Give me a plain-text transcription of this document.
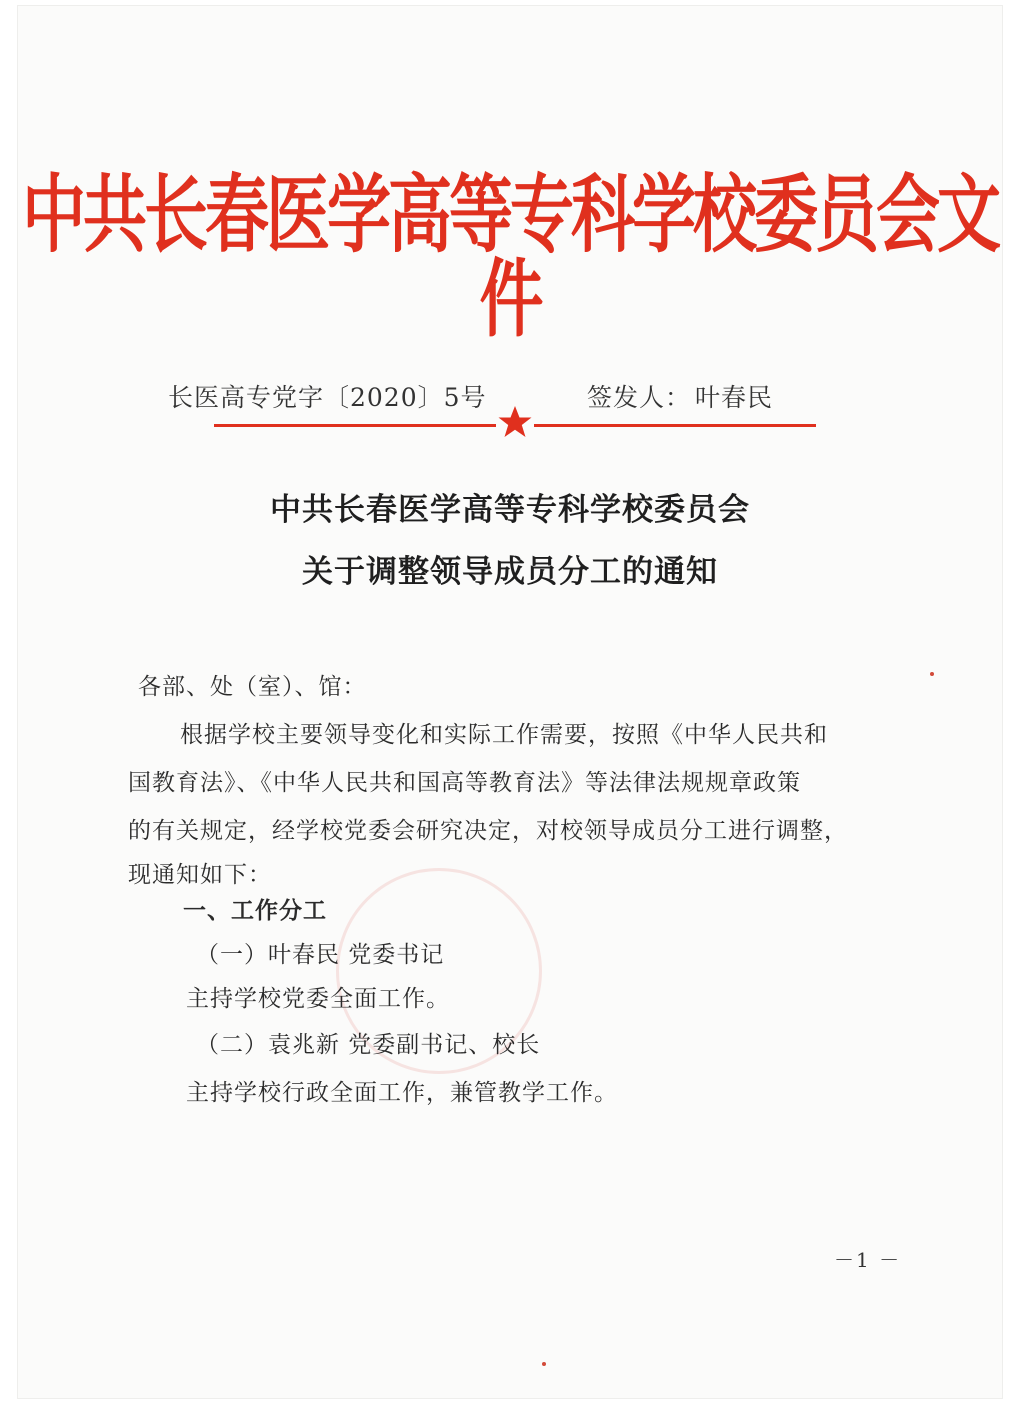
中共长春医学高等专科学校委员会文件
长医高专党字〔2020〕5号	签发人： 叶春民
中共长春医学高等专科学校委员会
关于调整领导成员分工的通知
各部、处（室）、馆：
根据学校主要领导变化和实际工作需要，按照《中华人民共和
国教育法》、《中华人民共和国高等教育法》等法律法规规章政策
的有关规定，经学校党委会研究决定，对校领导成员分工进行调整，
现通知如下：
一、工作分工
（一）叶春民 党委书记
主持学校党委全面工作。
（二）袁兆新 党委副书记、校长
主持学校行政全面工作，兼管教学工作。
－1 －
